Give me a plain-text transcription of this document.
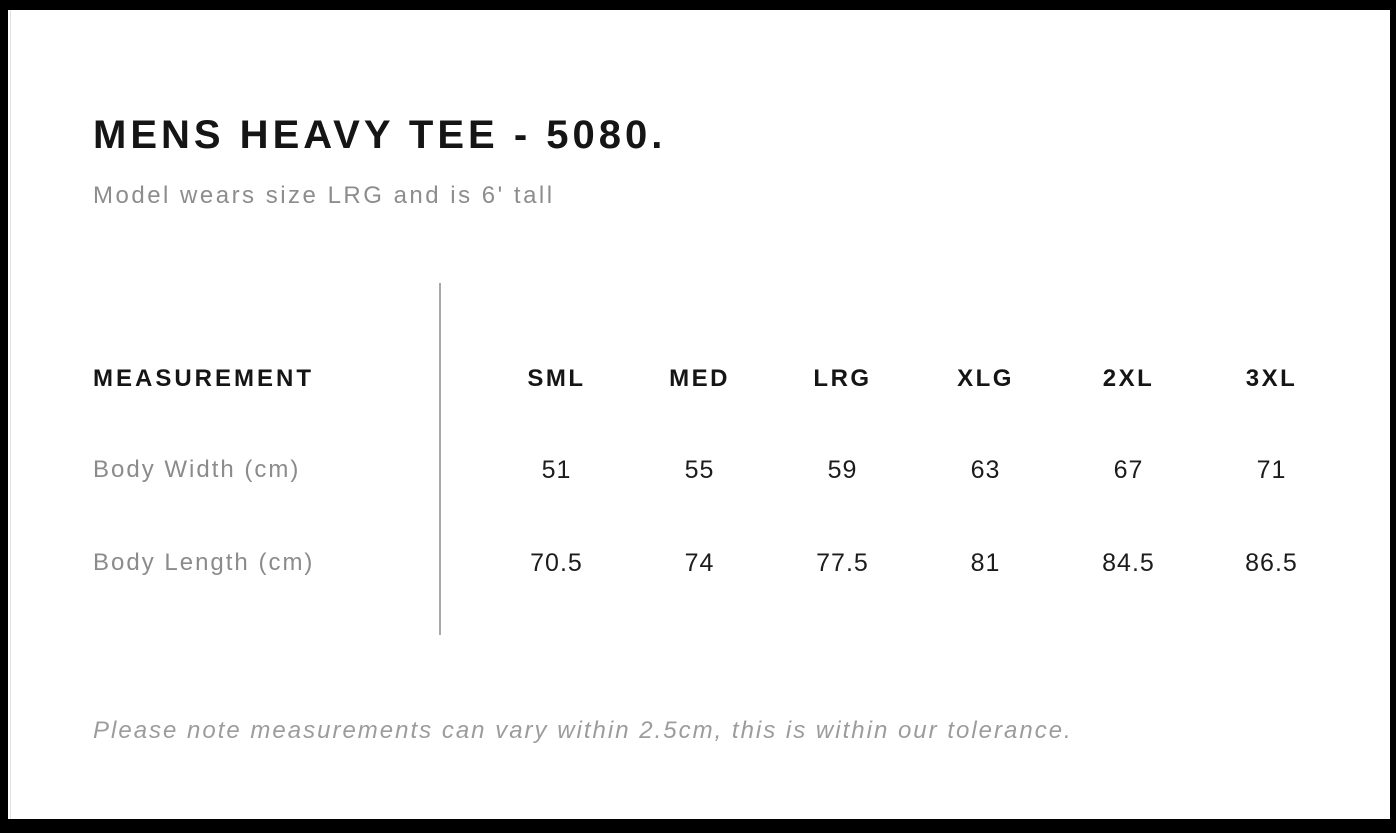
MENS HEAVY TEE - 5080.
Model wears size LRG and is 6' tall
MEASUREMENT	SML	MED	LRG	XLG	2XL	3XL
Body Width (cm)	51	55	59	63	67	71
Body Length (cm)	70.5	74	77.5	81	84.5	86.5
Please note measurements can vary within 2.5cm, this is within our tolerance.
